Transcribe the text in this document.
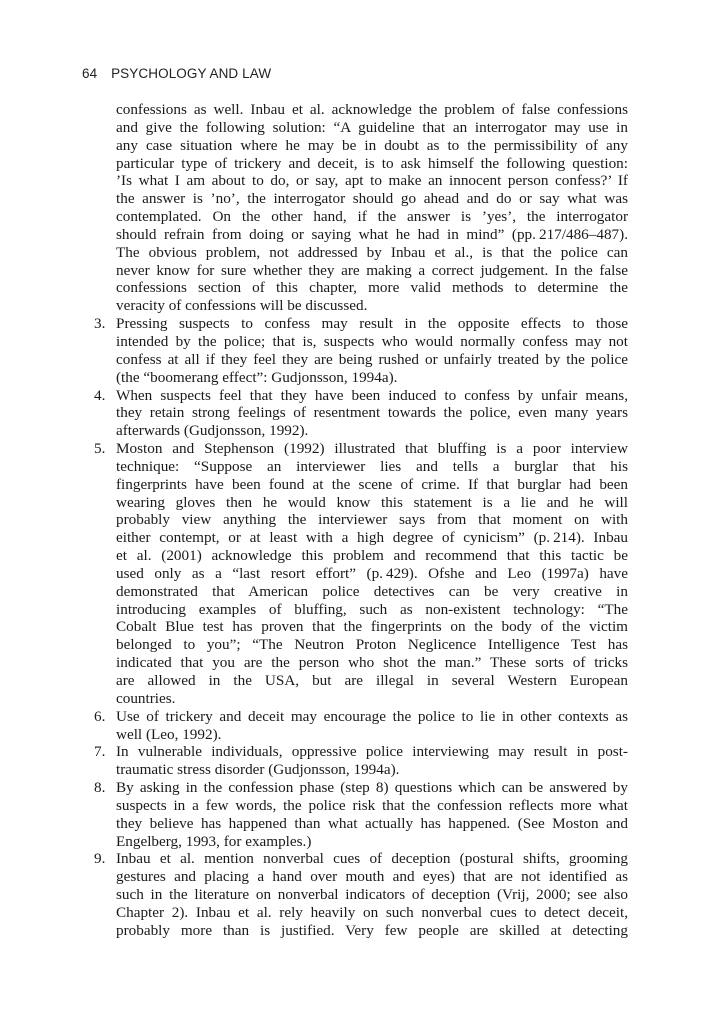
64 PSYCHOLOGY AND LAW
confessions as well. Inbau et al. acknowledge the problem of false confessions
and give the following solution: “A guideline that an interrogator may use in
any case situation where he may be in doubt as to the permissibility of any
particular type of trickery and deceit, is to ask himself the following question:
’Is what I am about to do, or say, apt to make an innocent person confess?’ If
the answer is ’no’, the interrogator should go ahead and do or say what was
contemplated. On the other hand, if the answer is ’yes’, the interrogator
should refrain from doing or saying what he had in mind” (pp. 217/486–487).
The obvious problem, not addressed by Inbau et al., is that the police can
never know for sure whether they are making a correct judgement. In the false
confessions section of this chapter, more valid methods to determine the
veracity of confessions will be discussed.
3. Pressing suspects to confess may result in the opposite effects to those
intended by the police; that is, suspects who would normally confess may not
confess at all if they feel they are being rushed or unfairly treated by the police
(the “boomerang effect”: Gudjonsson, 1994a).
4. When suspects feel that they have been induced to confess by unfair means,
they retain strong feelings of resentment towards the police, even many years
afterwards (Gudjonsson, 1992).
5. Moston and Stephenson (1992) illustrated that bluffing is a poor interview
technique: “Suppose an interviewer lies and tells a burglar that his
fingerprints have been found at the scene of crime. If that burglar had been
wearing gloves then he would know this statement is a lie and he will
probably view anything the interviewer says from that moment on with
either contempt, or at least with a high degree of cynicism” (p. 214). Inbau
et al. (2001) acknowledge this problem and recommend that this tactic be
used only as a “last resort effort” (p. 429). Ofshe and Leo (1997a) have
demonstrated that American police detectives can be very creative in
introducing examples of bluffing, such as non-existent technology: “The
Cobalt Blue test has proven that the fingerprints on the body of the victim
belonged to you”; “The Neutron Proton Neglicence Intelligence Test has
indicated that you are the person who shot the man.” These sorts of tricks
are allowed in the USA, but are illegal in several Western European
countries.
6. Use of trickery and deceit may encourage the police to lie in other contexts as
well (Leo, 1992).
7. In vulnerable individuals, oppressive police interviewing may result in post-
traumatic stress disorder (Gudjonsson, 1994a).
8. By asking in the confession phase (step 8) questions which can be answered by
suspects in a few words, the police risk that the confession reflects more what
they believe has happened than what actually has happened. (See Moston and
Engelberg, 1993, for examples.)
9. Inbau et al. mention nonverbal cues of deception (postural shifts, grooming
gestures and placing a hand over mouth and eyes) that are not identified as
such in the literature on nonverbal indicators of deception (Vrij, 2000; see also
Chapter 2). Inbau et al. rely heavily on such nonverbal cues to detect deceit,
probably more than is justified. Very few people are skilled at detecting
